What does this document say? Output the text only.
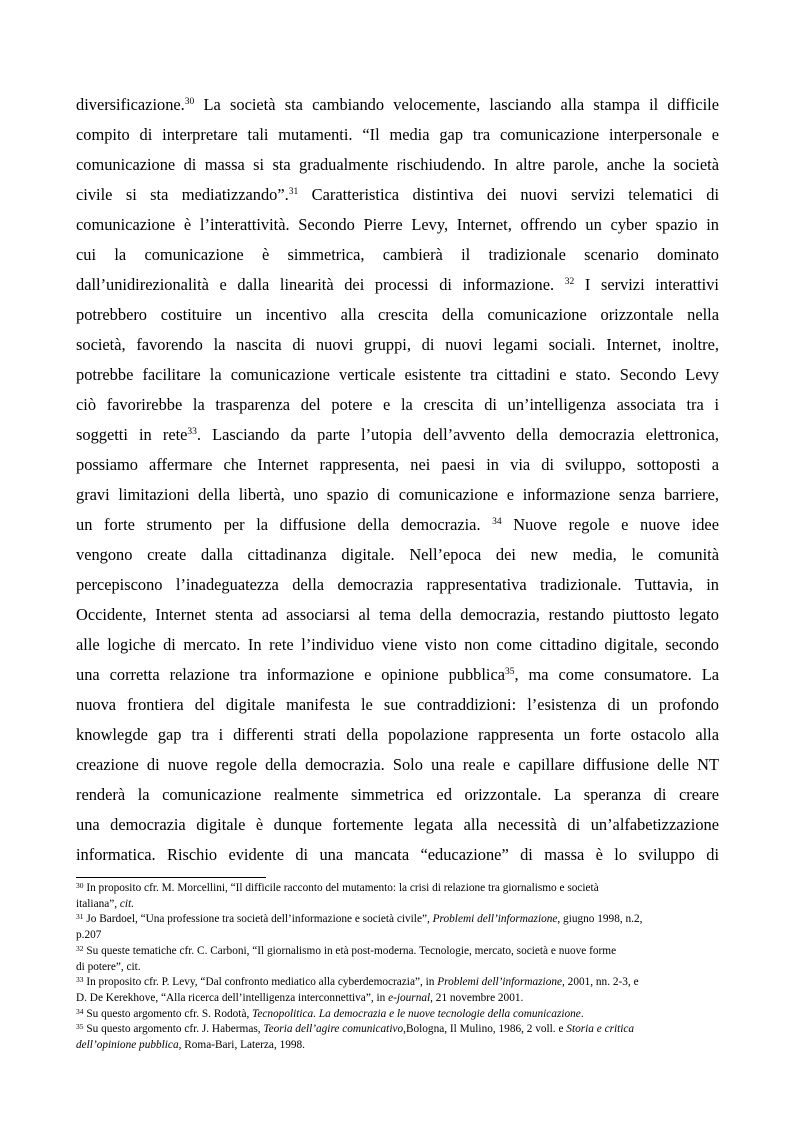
diversificazione.$^{30}$ La società sta cambiando velocemente, lasciando alla stampa il difficile
compito di interpretare tali mutamenti. “Il media gap tra comunicazione interpersonale e
comunicazione di massa si sta gradualmente rischiudendo. In altre parole, anche la società
civile si sta mediatizzando”.$^{31}$ Caratteristica distintiva dei nuovi servizi telematici di
comunicazione è l’interattività. Secondo Pierre Levy, Internet, offrendo un cyber spazio in
cui la comunicazione è simmetrica, cambierà il tradizionale scenario dominato
dall’unidirezionalità e dalla linearità dei processi di informazione. $^{32}$ I servizi interattivi
potrebbero costituire un incentivo alla crescita della comunicazione orizzontale nella
società, favorendo la nascita di nuovi gruppi, di nuovi legami sociali. Internet, inoltre,
potrebbe facilitare la comunicazione verticale esistente tra cittadini e stato. Secondo Levy
ciò favorirebbe la trasparenza del potere e la crescita di un’intelligenza associata tra i
soggetti in rete$^{33}$. Lasciando da parte l’utopia dell’avvento della democrazia elettronica,
possiamo affermare che Internet rappresenta, nei paesi in via di sviluppo, sottoposti a
gravi limitazioni della libertà, uno spazio di comunicazione e informazione senza barriere,
un forte strumento per la diffusione della democrazia. $^{34}$ Nuove regole e nuove idee
vengono create dalla cittadinanza digitale. Nell’epoca dei new media, le comunità
percepiscono l’inadeguatezza della democrazia rappresentativa tradizionale. Tuttavia, in
Occidente, Internet stenta ad associarsi al tema della democrazia, restando piuttosto legato
alle logiche di mercato. In rete l’individuo viene visto non come cittadino digitale, secondo
una corretta relazione tra informazione e opinione pubblica$^{35}$, ma come consumatore. La
nuova frontiera del digitale manifesta le sue contraddizioni: l’esistenza di un profondo
knowlegde gap tra i differenti strati della popolazione rappresenta un forte ostacolo alla
creazione di nuove regole della democrazia. Solo una reale e capillare diffusione delle NT
renderà la comunicazione realmente simmetrica ed orizzontale. La speranza di creare
una democrazia digitale è dunque fortemente legata alla necessità di un’alfabetizzazione
informatica. Rischio evidente di una mancata “educazione” di massa è lo sviluppo di
$^{30}$ In proposito cfr. M. Morcellini, “Il difficile racconto del mutamento: la crisi di relazione tra giornalismo e società
italiana”, cit.
$^{31}$ Jo Bardoel, “Una professione tra società dell’informazione e società civile”, Problemi dell’informazione, giugno 1998, n.2,
p.207
$^{32}$ Su queste tematiche cfr. C. Carboni, “Il giornalismo in età post-moderna. Tecnologie, mercato, società e nuove forme
di potere”, cit.
$^{33}$ In proposito cfr. P. Levy, “Dal confronto mediatico alla cyberdemocrazia”, in Problemi dell’informazione, 2001, nn. 2-3, e
D. De Kerekhove, “Alla ricerca dell’intelligenza interconnettiva”, in e-journal, 21 novembre 2001.
$^{34}$ Su questo argomento cfr. S. Rodotà, Tecnopolitica. La democrazia e le nuove tecnologie della comunicazione.
$^{35}$ Su questo argomento cfr. J. Habermas, Teoria dell’agire comunicativo,Bologna, Il Mulino, 1986, 2 voll. e Storia e critica
dell’opinione pubblica, Roma-Bari, Laterza, 1998.
